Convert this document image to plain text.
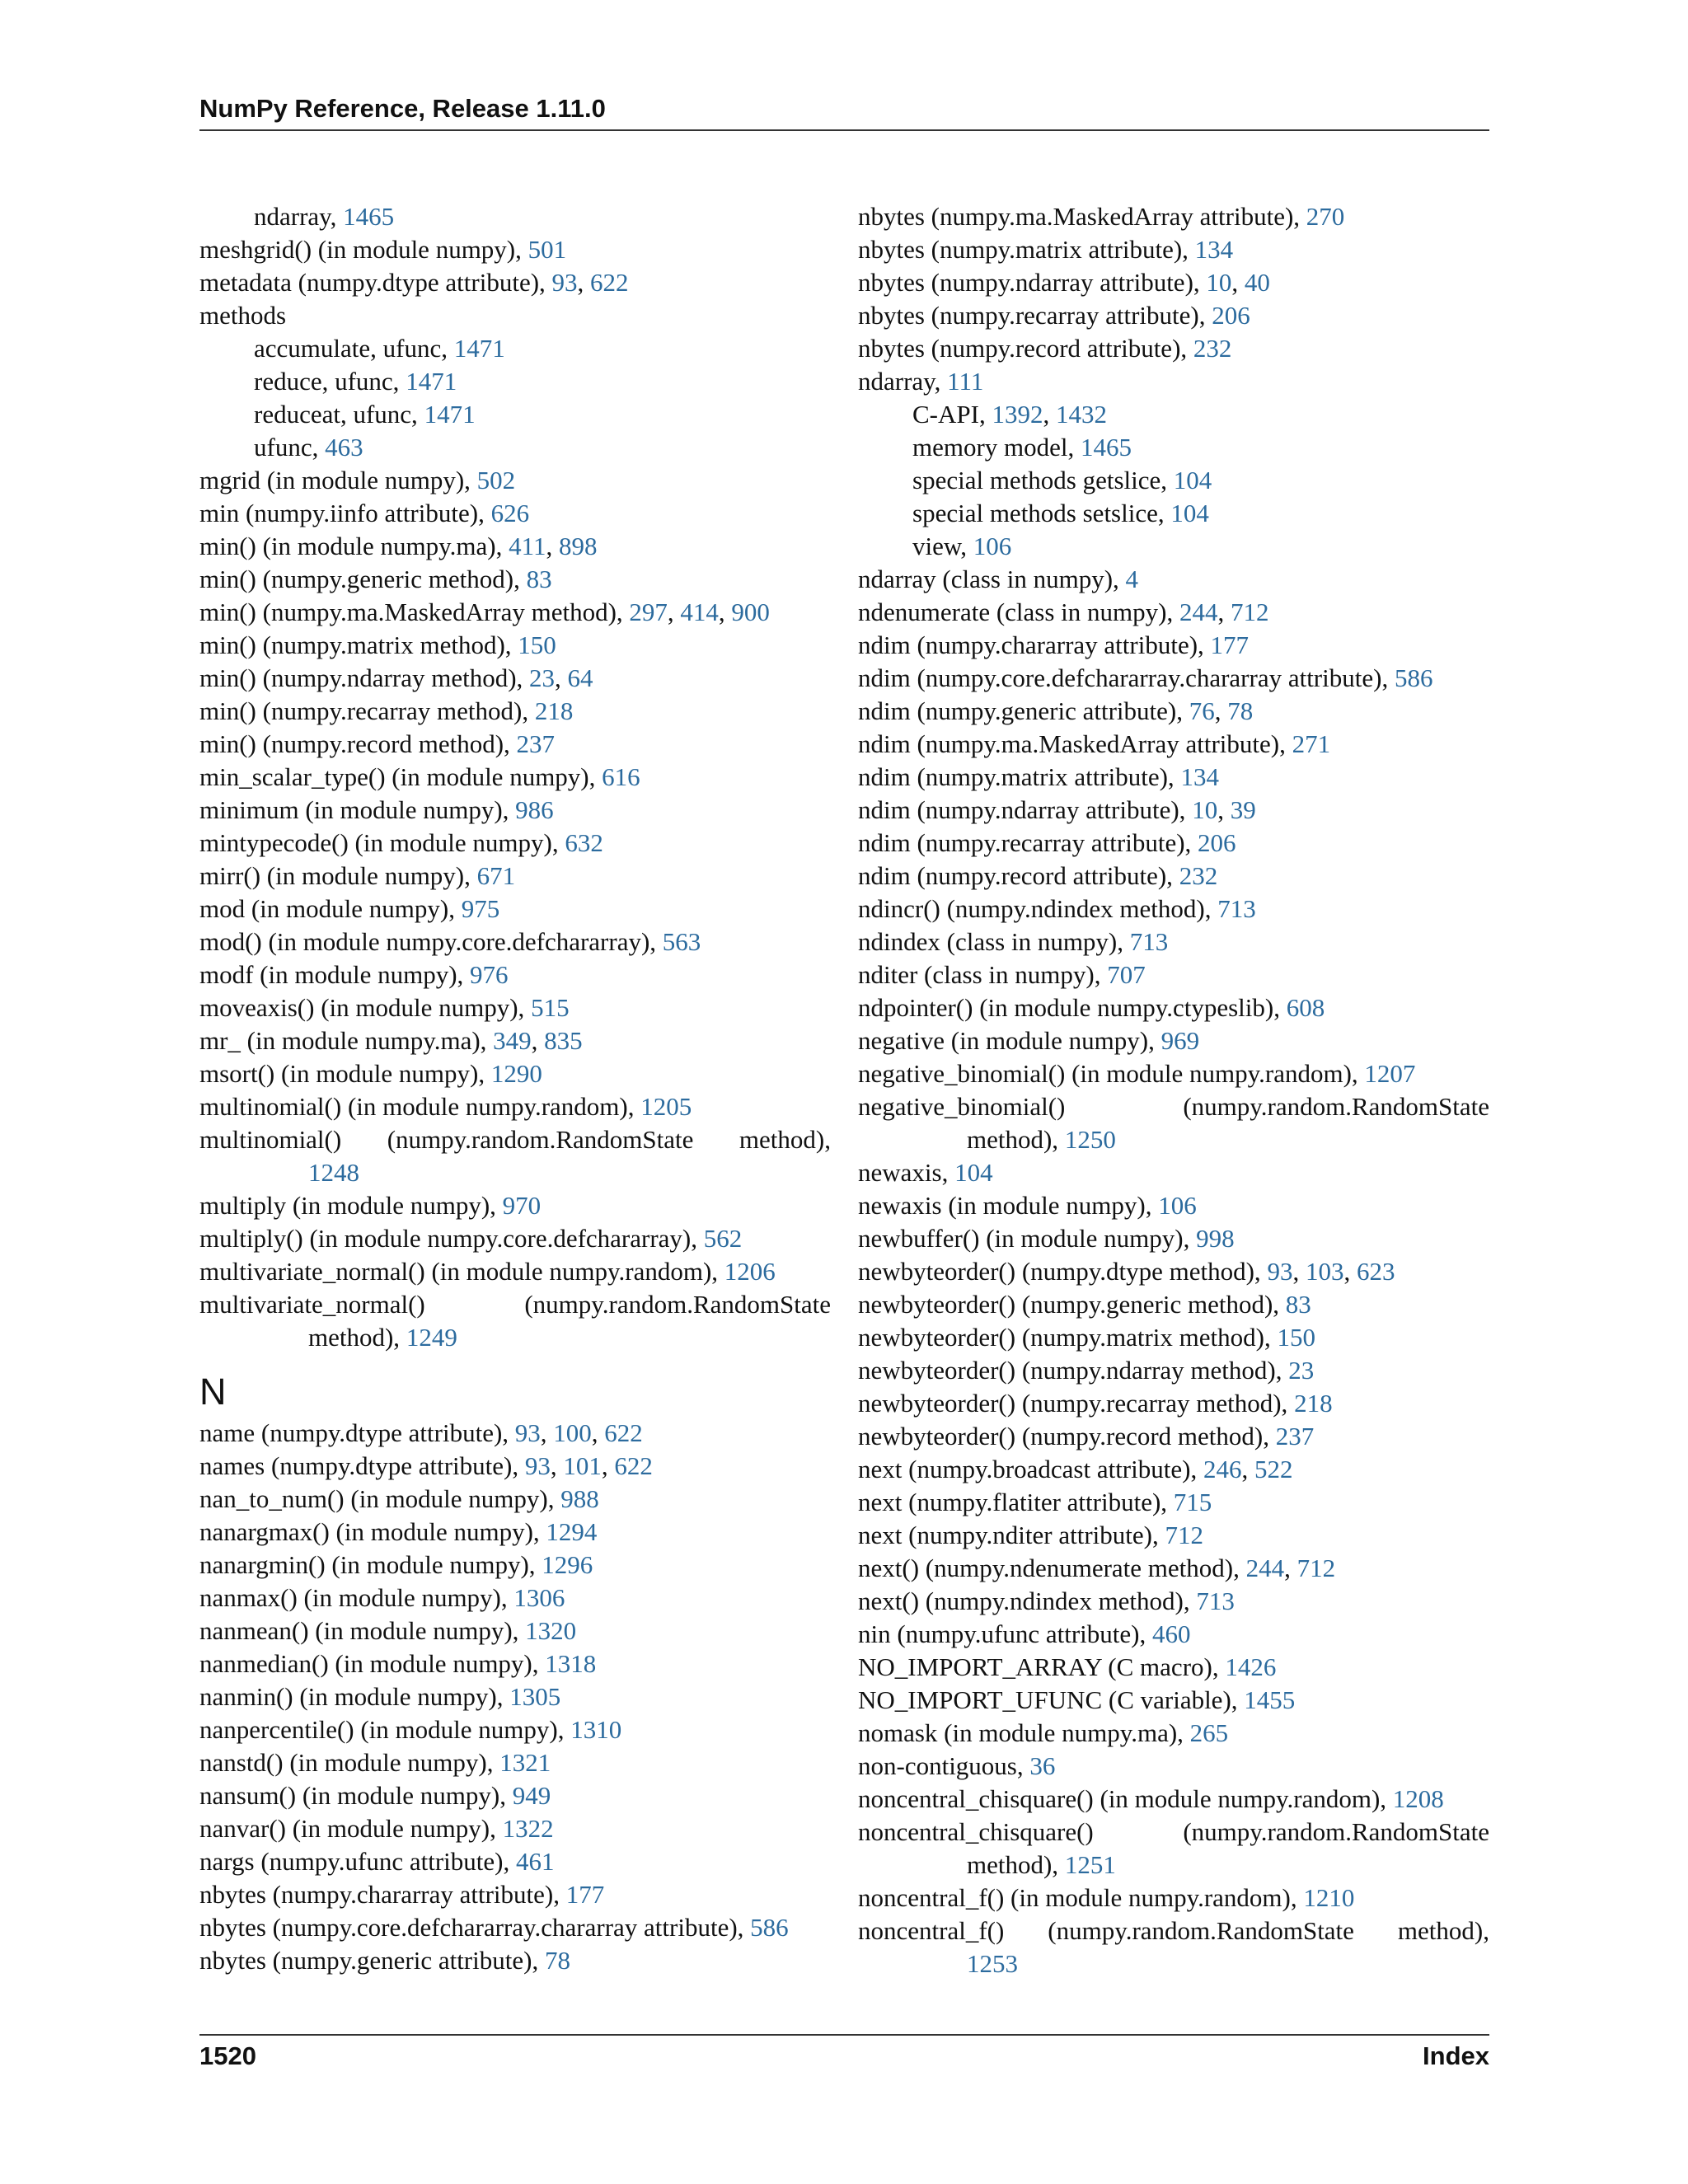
NumPy Reference, Release 1.11.0
ndarray, 1465
meshgrid() (in module numpy), 501
metadata (numpy.dtype attribute), 93, 622
methods
accumulate, ufunc, 1471
reduce, ufunc, 1471
reduceat, ufunc, 1471
ufunc, 463
mgrid (in module numpy), 502
min (numpy.iinfo attribute), 626
min() (in module numpy.ma), 411, 898
min() (numpy.generic method), 83
min() (numpy.ma.MaskedArray method), 297, 414, 900
min() (numpy.matrix method), 150
min() (numpy.ndarray method), 23, 64
min() (numpy.recarray method), 218
min() (numpy.record method), 237
min_scalar_type() (in module numpy), 616
minimum (in module numpy), 986
mintypecode() (in module numpy), 632
mirr() (in module numpy), 671
mod (in module numpy), 975
mod() (in module numpy.core.defchararray), 563
modf (in module numpy), 976
moveaxis() (in module numpy), 515
mr_ (in module numpy.ma), 349, 835
msort() (in module numpy), 1290
multinomial() (in module numpy.random), 1205
multinomial() (numpy.random.RandomState method),
1248
multiply (in module numpy), 970
multiply() (in module numpy.core.defchararray), 562
multivariate_normal() (in module numpy.random), 1206
multivariate_normal()	(numpy.random.RandomState
method), 1249
N
name (numpy.dtype attribute), 93, 100, 622
names (numpy.dtype attribute), 93, 101, 622
nan_to_num() (in module numpy), 988
nanargmax() (in module numpy), 1294
nanargmin() (in module numpy), 1296
nanmax() (in module numpy), 1306
nanmean() (in module numpy), 1320
nanmedian() (in module numpy), 1318
nanmin() (in module numpy), 1305
nanpercentile() (in module numpy), 1310
nanstd() (in module numpy), 1321
nansum() (in module numpy), 949
nanvar() (in module numpy), 1322
nargs (numpy.ufunc attribute), 461
nbytes (numpy.chararray attribute), 177
nbytes (numpy.core.defchararray.chararray attribute), 586
nbytes (numpy.generic attribute), 78
nbytes (numpy.ma.MaskedArray attribute), 270
nbytes (numpy.matrix attribute), 134
nbytes (numpy.ndarray attribute), 10, 40
nbytes (numpy.recarray attribute), 206
nbytes (numpy.record attribute), 232
ndarray, 111
C-API, 1392, 1432
memory model, 1465
special methods getslice, 104
special methods setslice, 104
view, 106
ndarray (class in numpy), 4
ndenumerate (class in numpy), 244, 712
ndim (numpy.chararray attribute), 177
ndim (numpy.core.defchararray.chararray attribute), 586
ndim (numpy.generic attribute), 76, 78
ndim (numpy.ma.MaskedArray attribute), 271
ndim (numpy.matrix attribute), 134
ndim (numpy.ndarray attribute), 10, 39
ndim (numpy.recarray attribute), 206
ndim (numpy.record attribute), 232
ndincr() (numpy.ndindex method), 713
ndindex (class in numpy), 713
nditer (class in numpy), 707
ndpointer() (in module numpy.ctypeslib), 608
negative (in module numpy), 969
negative_binomial() (in module numpy.random), 1207
negative_binomial()	(numpy.random.RandomState
method), 1250
newaxis, 104
newaxis (in module numpy), 106
newbuffer() (in module numpy), 998
newbyteorder() (numpy.dtype method), 93, 103, 623
newbyteorder() (numpy.generic method), 83
newbyteorder() (numpy.matrix method), 150
newbyteorder() (numpy.ndarray method), 23
newbyteorder() (numpy.recarray method), 218
newbyteorder() (numpy.record method), 237
next (numpy.broadcast attribute), 246, 522
next (numpy.flatiter attribute), 715
next (numpy.nditer attribute), 712
next() (numpy.ndenumerate method), 244, 712
next() (numpy.ndindex method), 713
nin (numpy.ufunc attribute), 460
NO_IMPORT_ARRAY (C macro), 1426
NO_IMPORT_UFUNC (C variable), 1455
nomask (in module numpy.ma), 265
non-contiguous, 36
noncentral_chisquare() (in module numpy.random), 1208
noncentral_chisquare()	(numpy.random.RandomState
method), 1251
noncentral_f() (in module numpy.random), 1210
noncentral_f() (numpy.random.RandomState method),
1253
1520	Index
